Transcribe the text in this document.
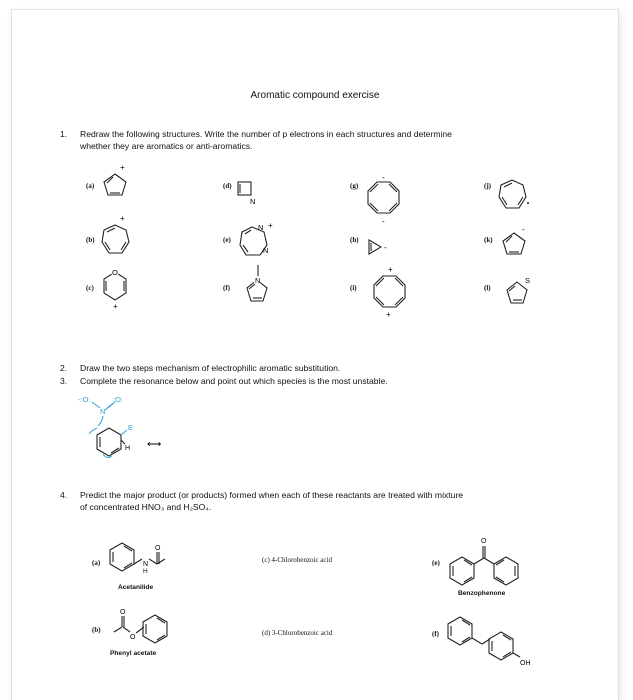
Aromatic compound exercise
1. Redraw the following structures. Write the number of p electrons in each structures and determine
whether they are aromatics or anti-aromatics.
(a)
(b)
(c)
(d)
(e)
(f)
(g)
(h)
(i)
(j)
(k)
(l)
+
+
O
+
N
N +
N
N
-
-
-
+
+
-
S
2. Draw the two steps mechanism of electrophilic aromatic substitution.
3. Complete the resonance below and point out which species is the most unstable.
-:O:	:O:
N
E
H ⟷
4. Predict the major product (or products) formed when each of these reactants are treated with mixture
of concentrated HNO₃ and H₂SO₄.
(a)
Acetanilide
(b)
Phenyl acetate
(c) 4-Chlorobenzoic acid
(d) 3-Chlorobenzoic acid
(e)
Benzophenone
(f)
N
H
O
O
O
O
OH
